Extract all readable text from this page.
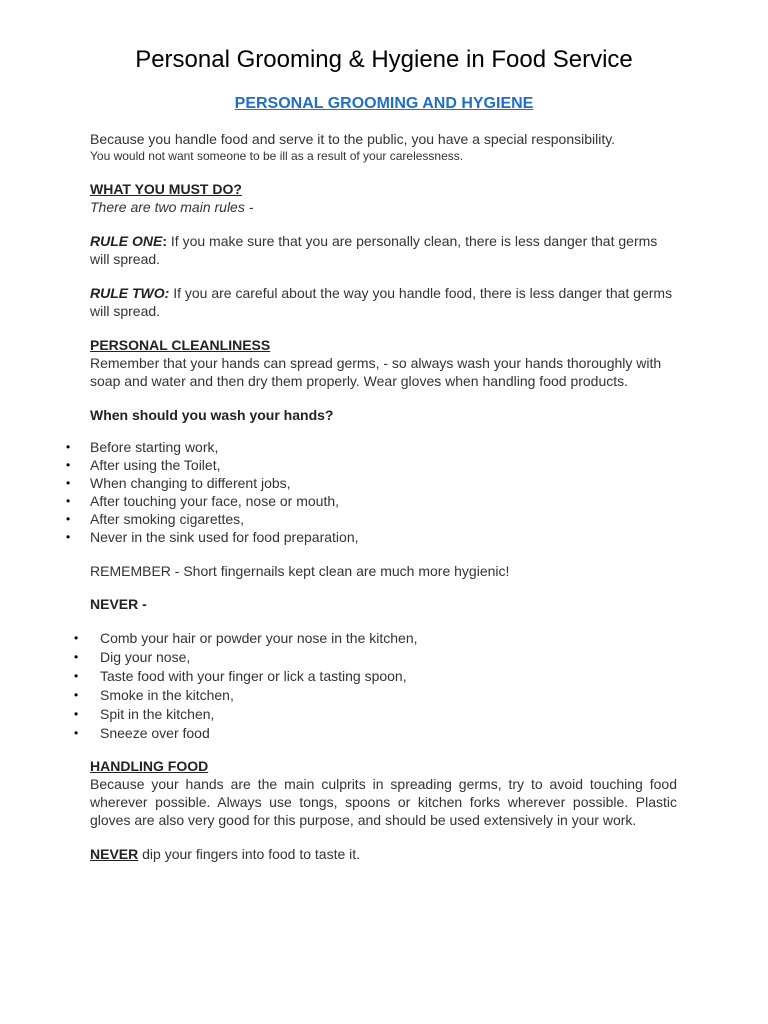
Personal Grooming & Hygiene in Food Service
PERSONAL GROOMING AND HYGIENE

Because you handle food and serve it to the public, you have a special responsibility.

You would not want someone to be ill as a result of your carelessness.

WHAT YOU MUST DO?

There are two main rules -

RULE ONE: If you make sure that you are personally clean, there is less danger that germs will spread.

RULE TWO: If you are careful about the way you handle food, there is less danger that germs will spread.

PERSONAL CLEANLINESS

Remember that your hands can spread germs, - so always wash your hands thoroughly with soap and water and then dry them properly. Wear gloves when handling food products.

When should you wash your hands?

• Before starting work,
• After using the Toilet,
• When changing to different jobs,
• After touching your face, nose or mouth,
• After smoking cigarettes,
• Never in the sink used for food preparation,

REMEMBER - Short fingernails kept clean are much more hygienic!

NEVER -

• Comb your hair or powder your nose in the kitchen,
• Dig your nose,
• Taste food with your finger or lick a tasting spoon,
• Smoke in the kitchen,
• Spit in the kitchen,
• Sneeze over food

HANDLING FOOD

Because your hands are the main culprits in spreading germs, try to avoid touching food wherever possible. Always use tongs, spoons or kitchen forks wherever possible. Plastic gloves are also very good for this purpose, and should be used extensively in your work.

NEVER dip your fingers into food to taste it.
